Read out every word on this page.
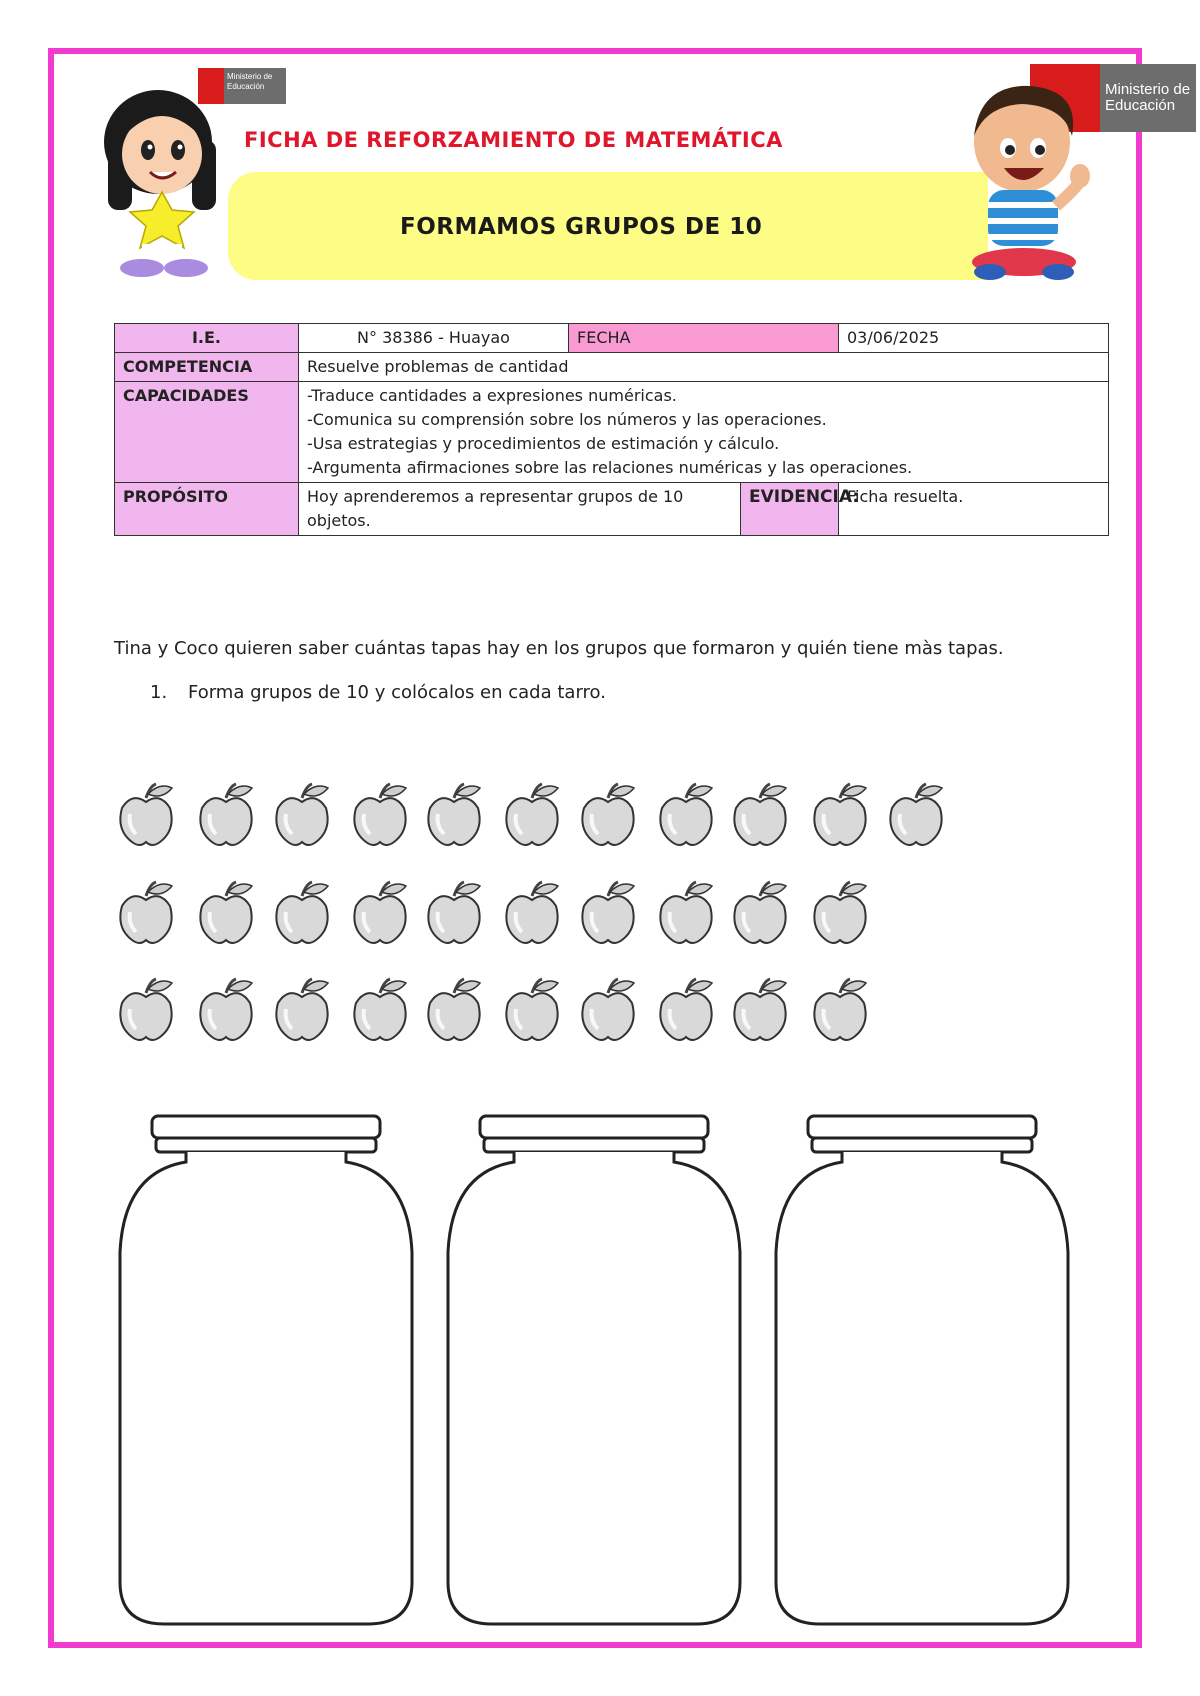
Ministerio de Educación	Ministerio de Educación
FICHA DE REFORZAMIENTO DE MATEMÁTICA
FORMAMOS GRUPOS DE 10
I.E.	N° 38386 - Huayao	FECHA		03/06/2025
COMPETENCIA	Resuelve problemas de cantidad			
CAPACIDADES	-Traduce cantidades a expresiones numéricas.
-Comunica su comprensión sobre los números y las operaciones.
-Usa estrategias y procedimientos de estimación y cálculo.
-Argumenta afirmaciones sobre las relaciones numéricas y las operaciones.			

PROPÓSITO	Hoy aprenderemos a representar grupos de 10 objetos.		EVIDENCIA:	Ficha resuelta.
Tina y Coco quieren saber cuántas tapas hay en los grupos que formaron y quién tiene màs tapas.
1. Forma grupos de 10 y colócalos en cada tarro.
